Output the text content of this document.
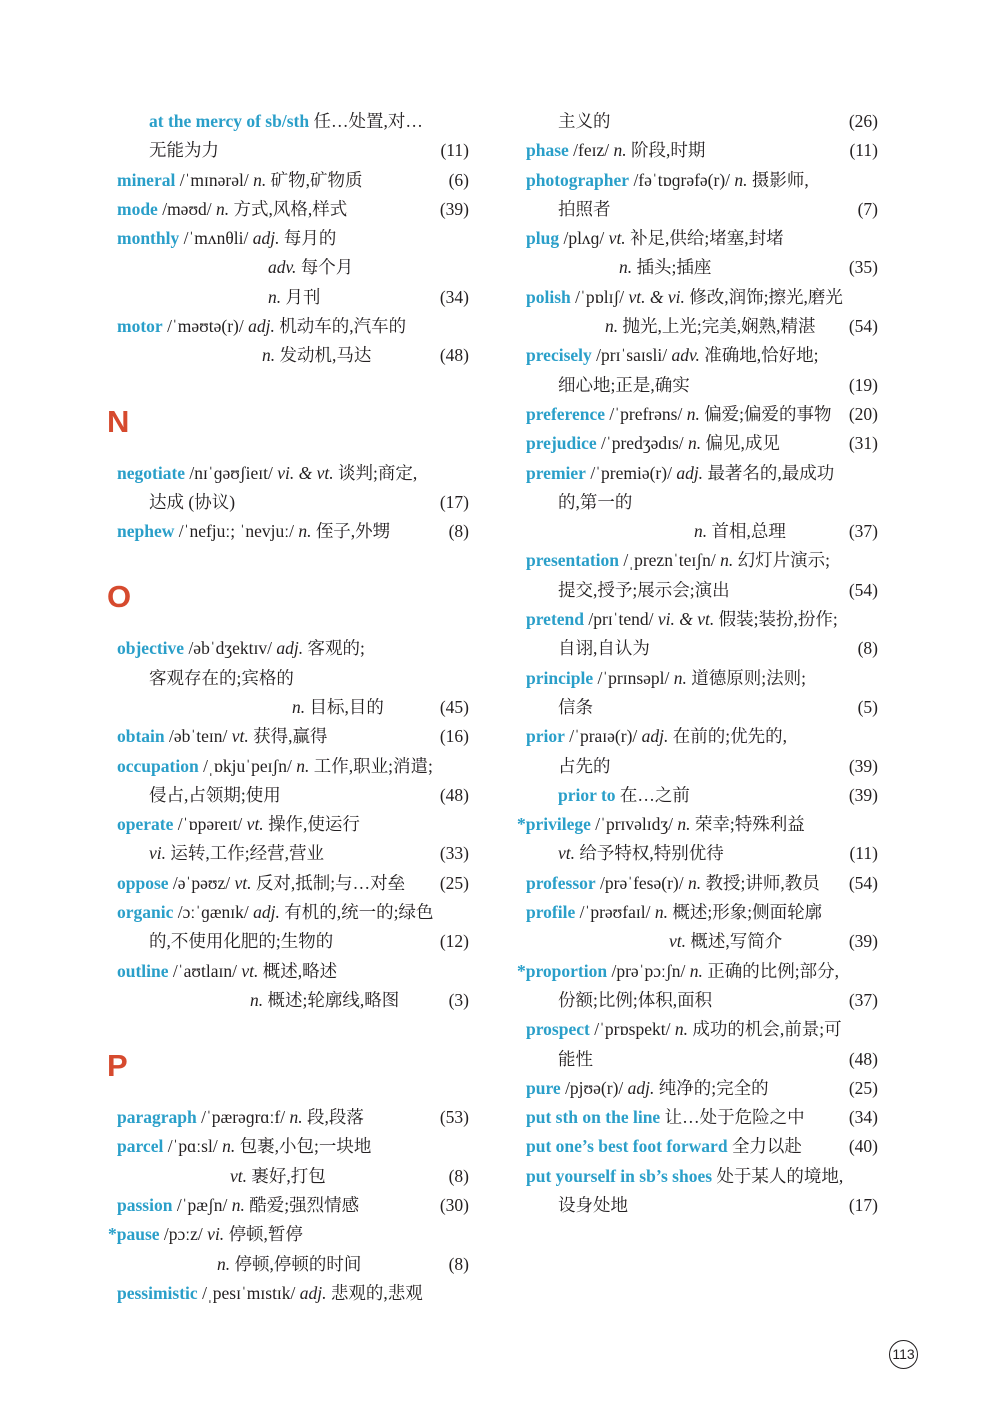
at the mercy of sb/sth 任…处置,对…
无能为力	(11)
mineral /ˈmɪnərəl/ n. 矿物,矿物质	(6)
mode /məʊd/ n. 方式,风格,样式	(39)
monthly /ˈmʌnθli/ adj. 每月的
adv. 每个月
n. 月刊	(34)
motor /ˈməʊtə(r)/ adj. 机动车的,汽车的
n. 发动机,马达	(48)
N
negotiate /nɪˈɡəʊʃieɪt/ vi. & vt. 谈判;商定,
达成 (协议)	(17)
nephew /ˈnefjuː; ˈnevjuː/ n. 侄子,外甥	(8)
O
objective /əbˈdʒektɪv/ adj. 客观的;
客观存在的;宾格的
n. 目标,目的	(45)
obtain /əbˈteɪn/ vt. 获得,赢得	(16)
occupation /ˌɒkjuˈpeɪʃn/ n. 工作,职业;消遣;
侵占,占领期;使用	(48)
operate /ˈɒpəreɪt/ vt. 操作,使运行
vi. 运转,工作;经营,营业	(33)
oppose /əˈpəʊz/ vt. 反对,抵制;与…对垒 (25)
organic /ɔːˈɡænɪk/ adj. 有机的,统一的;绿色
的,不使用化肥的;生物的	(12)
outline /ˈaʊtlaɪn/ vt. 概述,略述
n. 概述;轮廓线,略图	(3)
P
paragraph /ˈpærəɡrɑːf/ n. 段,段落	(53)
parcel /ˈpɑːsl/ n. 包裹,小包;一块地
vt. 裹好,打包	(8)
passion /ˈpæʃn/ n. 酷爱;强烈情感	(30)
*pause /pɔːz/ vi. 停顿,暂停
n. 停顿,停顿的时间	(8)
pessimistic /ˌpesɪˈmɪstɪk/ adj. 悲观的,悲观
主义的	(26)
phase /feɪz/ n. 阶段,时期	(11)
photographer /fəˈtɒɡrəfə(r)/ n. 摄影师,
拍照者	(7)
plug /plʌɡ/ vt. 补足,供给;堵塞,封堵
n. 插头;插座	(35)
polish /ˈpɒlɪʃ/ vt. & vi. 修改,润饰;擦光,磨光
n. 抛光,上光;完美,娴熟,精湛 (54)
precisely /prɪˈsaɪsli/ adv. 准确地,恰好地;
细心地;正是,确实	(19)
preference /ˈprefrəns/ n. 偏爱;偏爱的事物 (20)
prejudice /ˈpredʒədɪs/ n. 偏见,成见	(31)
premier /ˈpremiə(r)/ adj. 最著名的,最成功
的,第一的
n. 首相,总理	(37)
presentation /ˌpreznˈteɪʃn/ n. 幻灯片演示;
提交,授予;展示会;演出	(54)
pretend /prɪˈtend/ vi. & vt. 假装;装扮,扮作;
自诩,自认为	(8)
principle /ˈprɪnsəpl/ n. 道德原则;法则;
信条	(5)
prior /ˈpraɪə(r)/ adj. 在前的;优先的,
占先的	(39)
prior to 在…之前	(39)
*privilege /ˈprɪvəlɪdʒ/ n. 荣幸;特殊利益
vt. 给予特权,特别优待	(11)
professor /prəˈfesə(r)/ n. 教授;讲师,教员 (54)
profile /ˈprəʊfaɪl/ n. 概述;形象;侧面轮廓
vt. 概述,写简介	(39)
*proportion /prəˈpɔːʃn/ n. 正确的比例;部分,
份额;比例;体积,面积	(37)
prospect /ˈprɒspekt/ n. 成功的机会,前景;可
能性	(48)
pure /pjʊə(r)/ adj. 纯净的;完全的	(25)
put sth on the line 让…处于危险之中	(34)
put one’s best foot forward 全力以赴	(40)
put yourself in sb’s shoes 处于某人的境地,
设身处地	(17)
113
